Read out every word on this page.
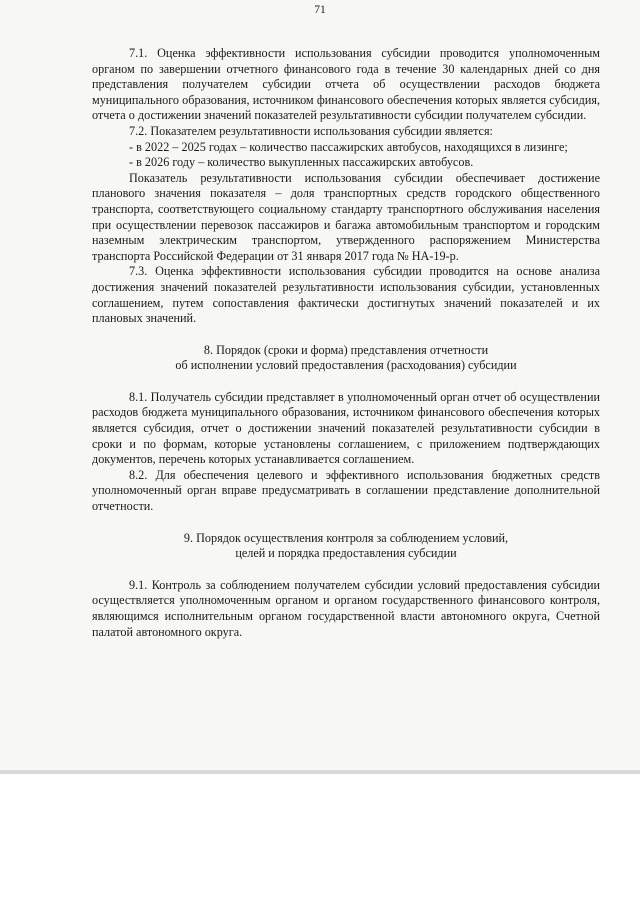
71

7.1. Оценка эффективности использования субсидии проводится уполномоченным органом по завершении отчетного финансового года в течение 30 календарных дней со дня представления получателем субсидии отчета об осуществлении расходов бюджета муниципального образования, источником финансового обеспечения которых является субсидия, отчета о достижении значений показателей результативности субсидии получателем субсидии.

7.2. Показателем результативности использования субсидии является:

- в 2022 – 2025 годах – количество пассажирских автобусов, находящихся в лизинге;

- в 2026 году – количество выкупленных пассажирских автобусов.

Показатель результативности использования субсидии обеспечивает достижение планового значения показателя – доля транспортных средств городского общественного транспорта, соответствующего социальному стандарту транспортного обслуживания населения при осуществлении перевозок пассажиров и багажа автомобильным транспортом и городским наземным электрическим транспортом, утвержденного распоряжением Министерства транспорта Российской Федерации от 31 января 2017 года № НА-19-р.

7.3. Оценка эффективности использования субсидии проводится на основе анализа достижения значений показателей результативности использования субсидии, установленных соглашением, путем сопоставления фактически достигнутых значений показателей и их плановых значений.

8. Порядок (сроки и форма) представления отчетности

об исполнении условий предоставления (расходования) субсидии

8.1. Получатель субсидии представляет в уполномоченный орган отчет об осуществлении расходов бюджета муниципального образования, источником финансового обеспечения которых является субсидия, отчет о достижении значений показателей результативности субсидии в сроки и по формам, которые установлены соглашением, с приложением подтверждающих документов, перечень которых устанавливается соглашением.

8.2. Для обеспечения целевого и эффективного использования бюджетных средств уполномоченный орган вправе предусматривать в соглашении представление дополнительной отчетности.

9. Порядок осуществления контроля за соблюдением условий,

целей и порядка предоставления субсидии

9.1. Контроль за соблюдением получателем субсидии условий предоставления субсидии осуществляется уполномоченным органом и органом государственного финансового контроля, являющимся исполнительным органом государственной власти автономного округа, Счетной палатой автономного округа.
